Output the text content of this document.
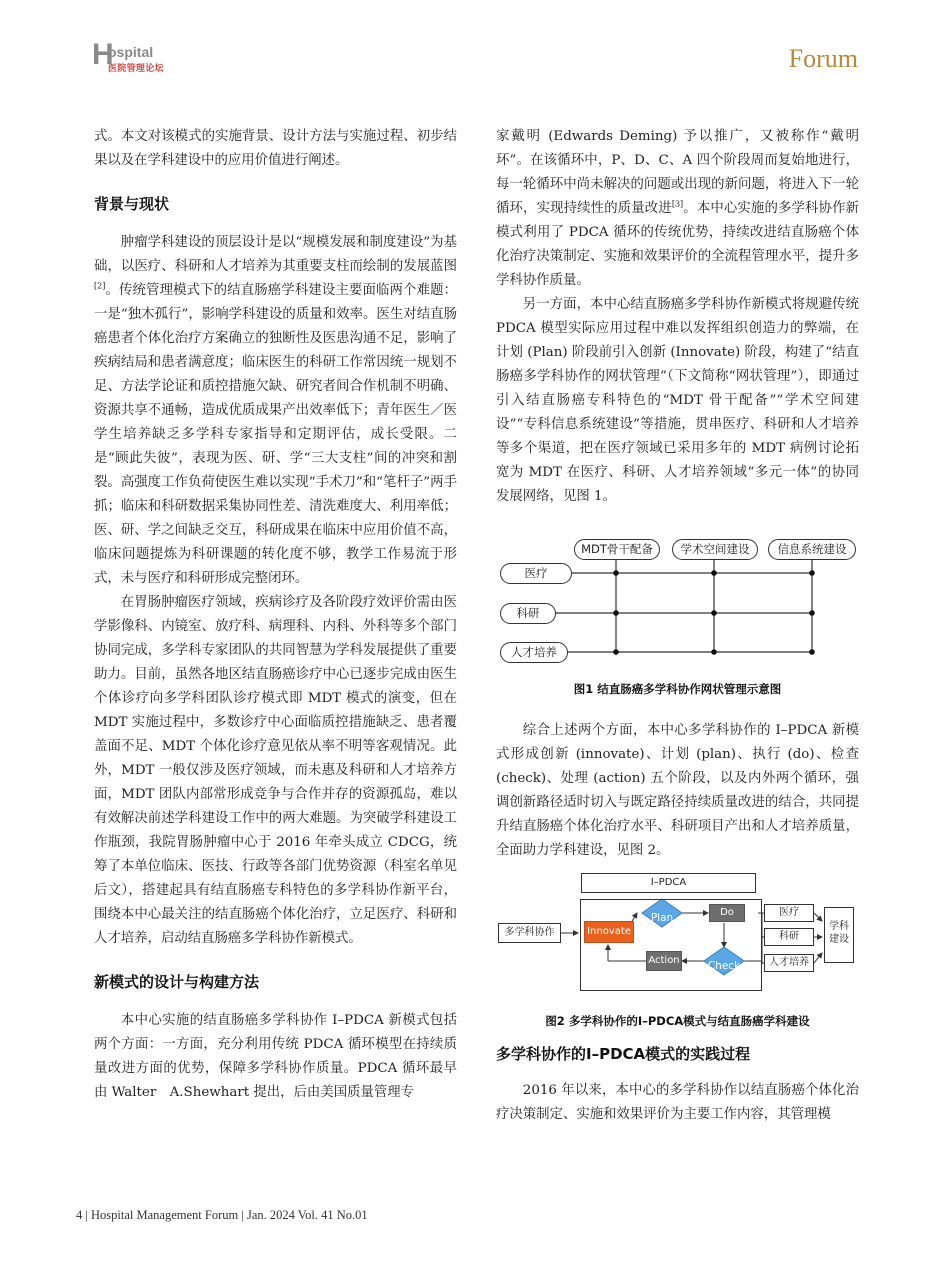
H
ospital
医院管理论坛	Forum

式。本文对该模式的实施背景、设计方法与实施过程、初步结果以及在学科建设中的应用价值进行阐述。

背景与现状

肿瘤学科建设的顶层设计是以“规模发展和制度建设”为基础，以医疗、科研和人才培养为其重要支柱而绘制的发展蓝图[2]。传统管理模式下的结直肠癌学科建设主要面临两个难题：一是“独木孤行”，影响学科建设的质量和效率。医生对结直肠癌患者个体化治疗方案确立的独断性及医患沟通不足，影响了疾病结局和患者满意度；临床医生的科研工作常因统一规划不足、方法学论证和质控措施欠缺、研究者间合作机制不明确、资源共享不通畅，造成优质成果产出效率低下；青年医生／医学生培养缺乏多学科专家指导和定期评估，成长受限。二是“顾此失彼”，表现为医、研、学“三大支柱”间的冲突和割裂。高强度工作负荷使医生难以实现“手术刀”和“笔杆子”两手抓；临床和科研数据采集协同性差、清洗难度大、利用率低；医、研、学之间缺乏交互，科研成果在临床中应用价值不高，临床问题提炼为科研课题的转化度不够，教学工作易流于形式，未与医疗和科研形成完整闭环。

在胃肠肿瘤医疗领域，疾病诊疗及各阶段疗效评价需由医学影像科、内镜室、放疗科、病理科、内科、外科等多个部门协同完成，多学科专家团队的共同智慧为学科发展提供了重要助力。目前，虽然各地区结直肠癌诊疗中心已逐步完成由医生个体诊疗向多学科团队诊疗模式即 MDT 模式的演变，但在 MDT 实施过程中，多数诊疗中心面临质控措施缺乏、患者覆盖面不足、MDT 个体化诊疗意见依从率不明等客观情况。此外，MDT 一般仅涉及医疗领域，而未惠及科研和人才培养方面，MDT 团队内部常形成竞争与合作并存的资源孤岛，难以有效解决前述学科建设工作中的两大难题。为突破学科建设工作瓶颈，我院胃肠肿瘤中心于 2016 年牵头成立 CDCG，统筹了本单位临床、医技、行政等各部门优势资源（科室名单见后文），搭建起具有结直肠癌专科特色的多学科协作新平台，围绕本中心最关注的结直肠癌个体化治疗，立足医疗、科研和人才培养，启动结直肠癌多学科协作新模式。

新模式的设计与构建方法

本中心实施的结直肠癌多学科协作 I–PDCA 新模式包括两个方面：一方面，充分利用传统 PDCA 循环模型在持续质量改进方面的优势，保障多学科协作质量。PDCA 循环最早由 Walter　A.Shewhart 提出，后由美国质量管理专

家戴明 (Edwards Deming) 予以推广，又被称作“戴明环”。在该循环中，P、D、C、A 四个阶段周而复始地进行，每一轮循环中尚未解决的问题或出现的新问题，将进入下一轮循环，实现持续性的质量改进[3]。本中心实施的多学科协作新模式利用了 PDCA 循环的传统优势，持续改进结直肠癌个体化治疗决策制定、实施和效果评价的全流程管理水平，提升多学科协作质量。

另一方面，本中心结直肠癌多学科协作新模式将规避传统PDCA 模型实际应用过程中难以发挥组织创造力的弊端，在计划 (Plan) 阶段前引入创新 (Innovate) 阶段，构建了“结直肠癌多学科协作的网状管理”（下文简称“网状管理”），即通过引入结直肠癌专科特色的“MDT 骨干配备”“学术空间建设”“专科信息系统建设”等措施，贯串医疗、科研和人才培养等多个渠道，把在医疗领域已采用多年的 MDT 病例讨论拓宽为 MDT 在医疗、科研、人才培养领域“多元一体”的协同发展网络，见图 1。

MDT骨干配备	学术空间建设	信息系统建设
医疗
科研
人才培养
图1 结直肠癌多学科协作网状管理示意图

综合上述两个方面，本中心多学科协作的 I–PDCA 新模式形成创新 (innovate)、计划 (plan)、执行 (do)、检查 (check)、处理 (action) 五个阶段，以及内外两个循环，强调创新路径适时切入与既定路径持续质量改进的结合，共同提升结直肠癌个体化治疗水平、科研项目产出和人才培养质量，全面助力学科建设，见图 2。

I–PDCA
多学科协作	Innovate
Plan	Do
Check
Action
医疗
科研
人才培养
学科
建设
图2 多学科协作的I–PDCA模式与结直肠癌学科建设
多学科协作的I–PDCA模式的实践过程

2016 年以来，本中心的多学科协作以结直肠癌个体化治疗决策制定、实施和效果评价为主要工作内容，其管理模

4 | Hospital Management Forum | Jan. 2024 Vol. 41 No.01
